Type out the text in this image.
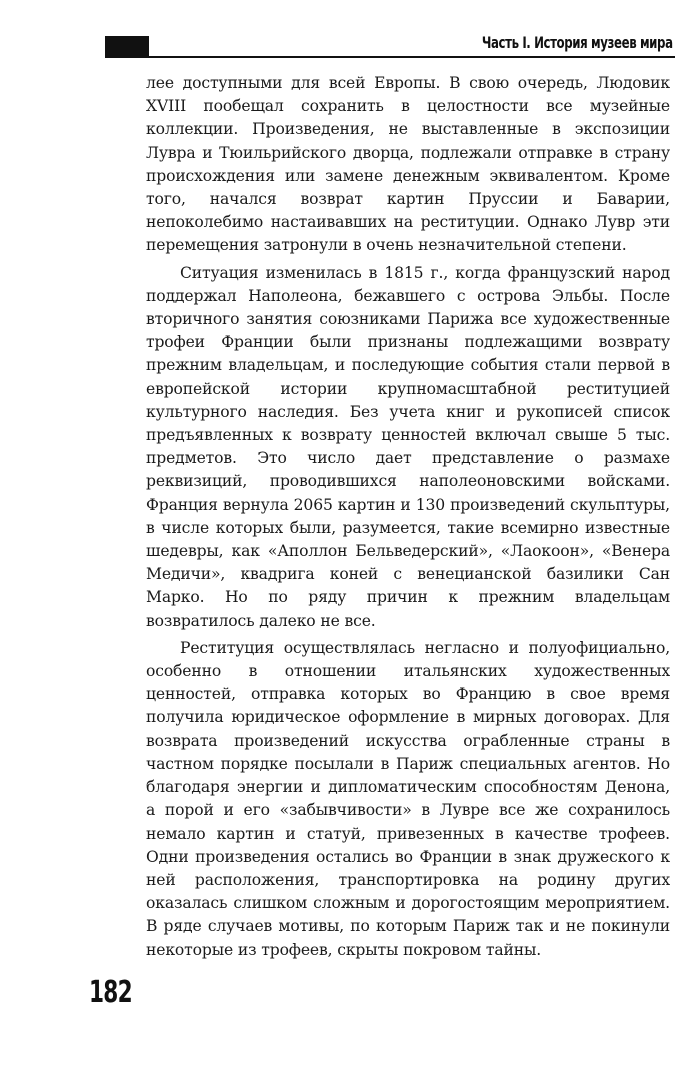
Часть I. История музеев мира

лее доступными для всей Европы. В свою очередь, Людовик XVIII пообещал сохранить в целостности все музейные коллекции. Произведения, не выставленные в экспозиции Лувра и Тюильрийского дворца, подлежали отправке в страну происхождения или замене денежным эквивалентом. Кроме того, начался возврат картин Пруссии и Баварии, непоколебимо настаивавших на реституции. Однако Лувр эти перемещения затронули в очень незначительной степени.

Ситуация изменилась в 1815 г., когда французский народ поддержал Наполеона, бежавшего с острова Эльбы. После вторичного занятия союзниками Парижа все художественные трофеи Франции были признаны подлежащими возврату прежним владельцам, и последующие события стали первой в европейской истории крупномасштабной реституцией культурного наследия. Без учета книг и рукописей список предъявленных к возврату ценностей включал свыше 5 тыс. предметов. Это число дает представление о размахе реквизиций, проводившихся наполеоновскими войсками. Франция вернула 2065 картин и 130 произведений скульптуры, в числе которых были, разумеется, такие всемирно известные шедевры, как «Аполлон Бельведерский», «Лаокоон», «Венера Медичи», квадрига коней с венецианской базилики Сан Марко. Но по ряду причин к прежним владельцам возвратилось далеко не все.

Реституция осуществлялась негласно и полуофициально, особенно в отношении итальянских художественных ценностей, отправка которых во Францию в свое время получила юридическое оформление в мирных договорах. Для возврата произведений искусства ограбленные страны в частном порядке посылали в Париж специальных агентов. Но благодаря энергии и дипломатическим способностям Денона, а порой и его «забывчивости» в Лувре все же сохранилось немало картин и статуй, привезенных в качестве трофеев. Одни произведения остались во Франции в знак дружеского к ней расположения, транспортировка на родину других оказалась слишком сложным и дорогостоящим мероприятием. В ряде случаев мотивы, по которым Париж так и не покинули некоторые из трофеев, скрыты покровом тайны.

182
